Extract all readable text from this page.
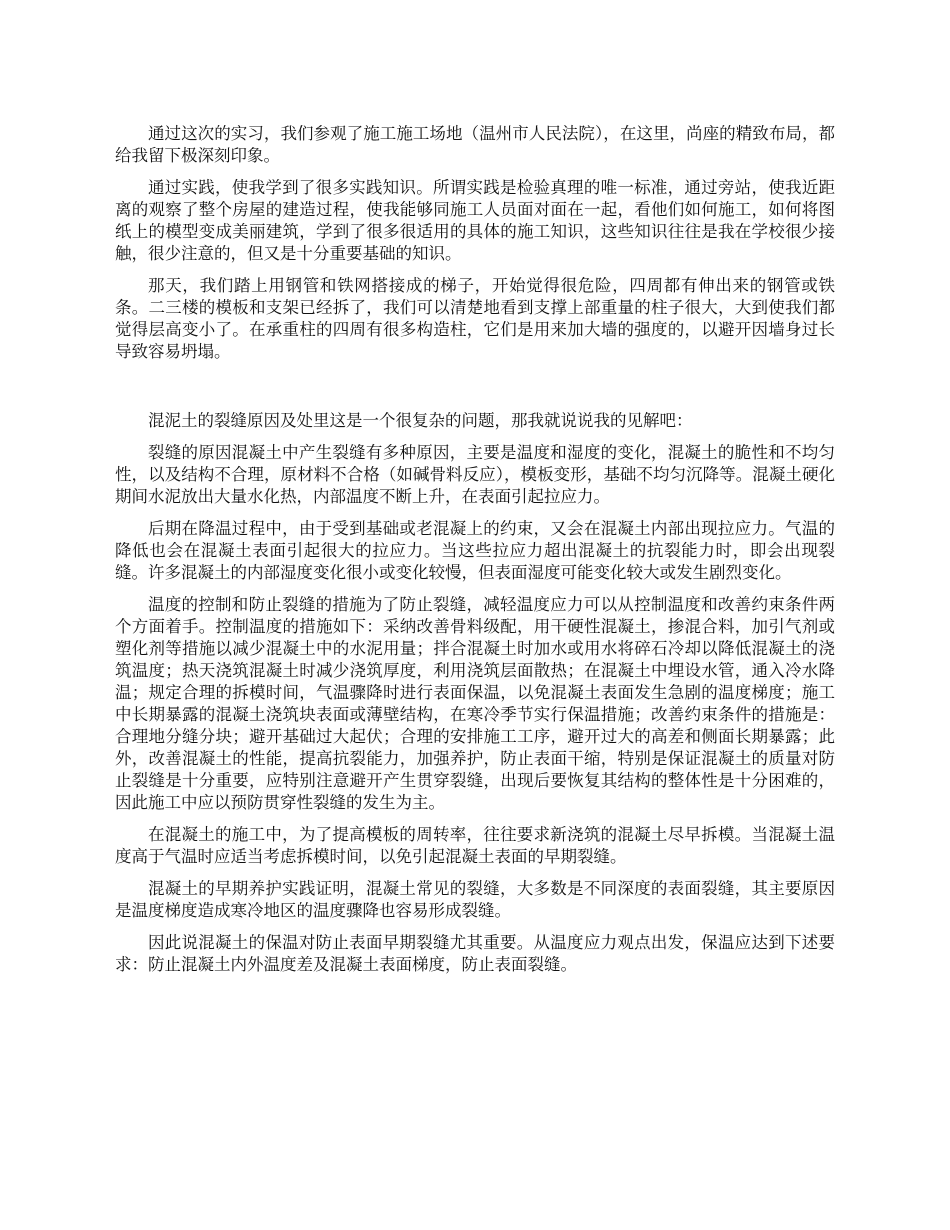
通过这次的实习，我们参观了施工施工场地（温州市人民法院），在这里，尚座的精致布局，都给我留下极深刻印象。

通过实践，使我学到了很多实践知识。所谓实践是检验真理的唯一标准，通过旁站，使我近距离的观察了整个房屋的建造过程，使我能够同施工人员面对面在一起，看他们如何施工，如何将图纸上的模型变成美丽建筑，学到了很多很适用的具体的施工知识，这些知识往往是我在学校很少接触，很少注意的，但又是十分重要基础的知识。

那天，我们踏上用钢管和铁网搭接成的梯子，开始觉得很危险，四周都有伸出来的钢管或铁条。二三楼的模板和支架已经拆了，我们可以清楚地看到支撑上部重量的柱子很大，大到使我们都觉得层高变小了。在承重柱的四周有很多构造柱，它们是用来加大墙的强度的，以避开因墙身过长导致容易坍塌。

混泥土的裂缝原因及处里这是一个很复杂的问题，那我就说说我的见解吧：

裂缝的原因混凝土中产生裂缝有多种原因，主要是温度和湿度的变化，混凝土的脆性和不均匀性，以及结构不合理，原材料不合格（如碱骨料反应），模板变形，基础不均匀沉降等。混凝土硬化期间水泥放出大量水化热，内部温度不断上升，在表面引起拉应力。

后期在降温过程中，由于受到基础或老混凝上的约束，又会在混凝土内部出现拉应力。气温的降低也会在混凝土表面引起很大的拉应力。当这些拉应力超出混凝土的抗裂能力时，即会出现裂缝。许多混凝土的内部湿度变化很小或变化较慢，但表面湿度可能变化较大或发生剧烈变化。

温度的控制和防止裂缝的措施为了防止裂缝，减轻温度应力可以从控制温度和改善约束条件两个方面着手。控制温度的措施如下：采纳改善骨料级配，用干硬性混凝土，掺混合料，加引气剂或塑化剂等措施以减少混凝土中的水泥用量；拌合混凝土时加水或用水将碎石冷却以降低混凝土的浇筑温度；热天浇筑混凝土时减少浇筑厚度，利用浇筑层面散热；在混凝土中埋设水管，通入冷水降温；规定合理的拆模时间，气温骤降时进行表面保温，以免混凝土表面发生急剧的温度梯度；施工中长期暴露的混凝土浇筑块表面或薄壁结构，在寒冷季节实行保温措施；改善约束条件的措施是：合理地分缝分块；避开基础过大起伏；合理的安排施工工序，避开过大的高差和侧面长期暴露；此外，改善混凝土的性能，提高抗裂能力，加强养护，防止表面干缩，特别是保证混凝土的质量对防止裂缝是十分重要，应特别注意避开产生贯穿裂缝，出现后要恢复其结构的整体性是十分困难的，因此施工中应以预防贯穿性裂缝的发生为主。

在混凝土的施工中，为了提高模板的周转率，往往要求新浇筑的混凝土尽早拆模。当混凝土温度高于气温时应适当考虑拆模时间，以免引起混凝土表面的早期裂缝。

混凝土的早期养护实践证明，混凝土常见的裂缝，大多数是不同深度的表面裂缝，其主要原因是温度梯度造成寒冷地区的温度骤降也容易形成裂缝。

因此说混凝土的保温对防止表面早期裂缝尤其重要。从温度应力观点出发，保温应达到下述要求：防止混凝土内外温度差及混凝土表面梯度，防止表面裂缝。
